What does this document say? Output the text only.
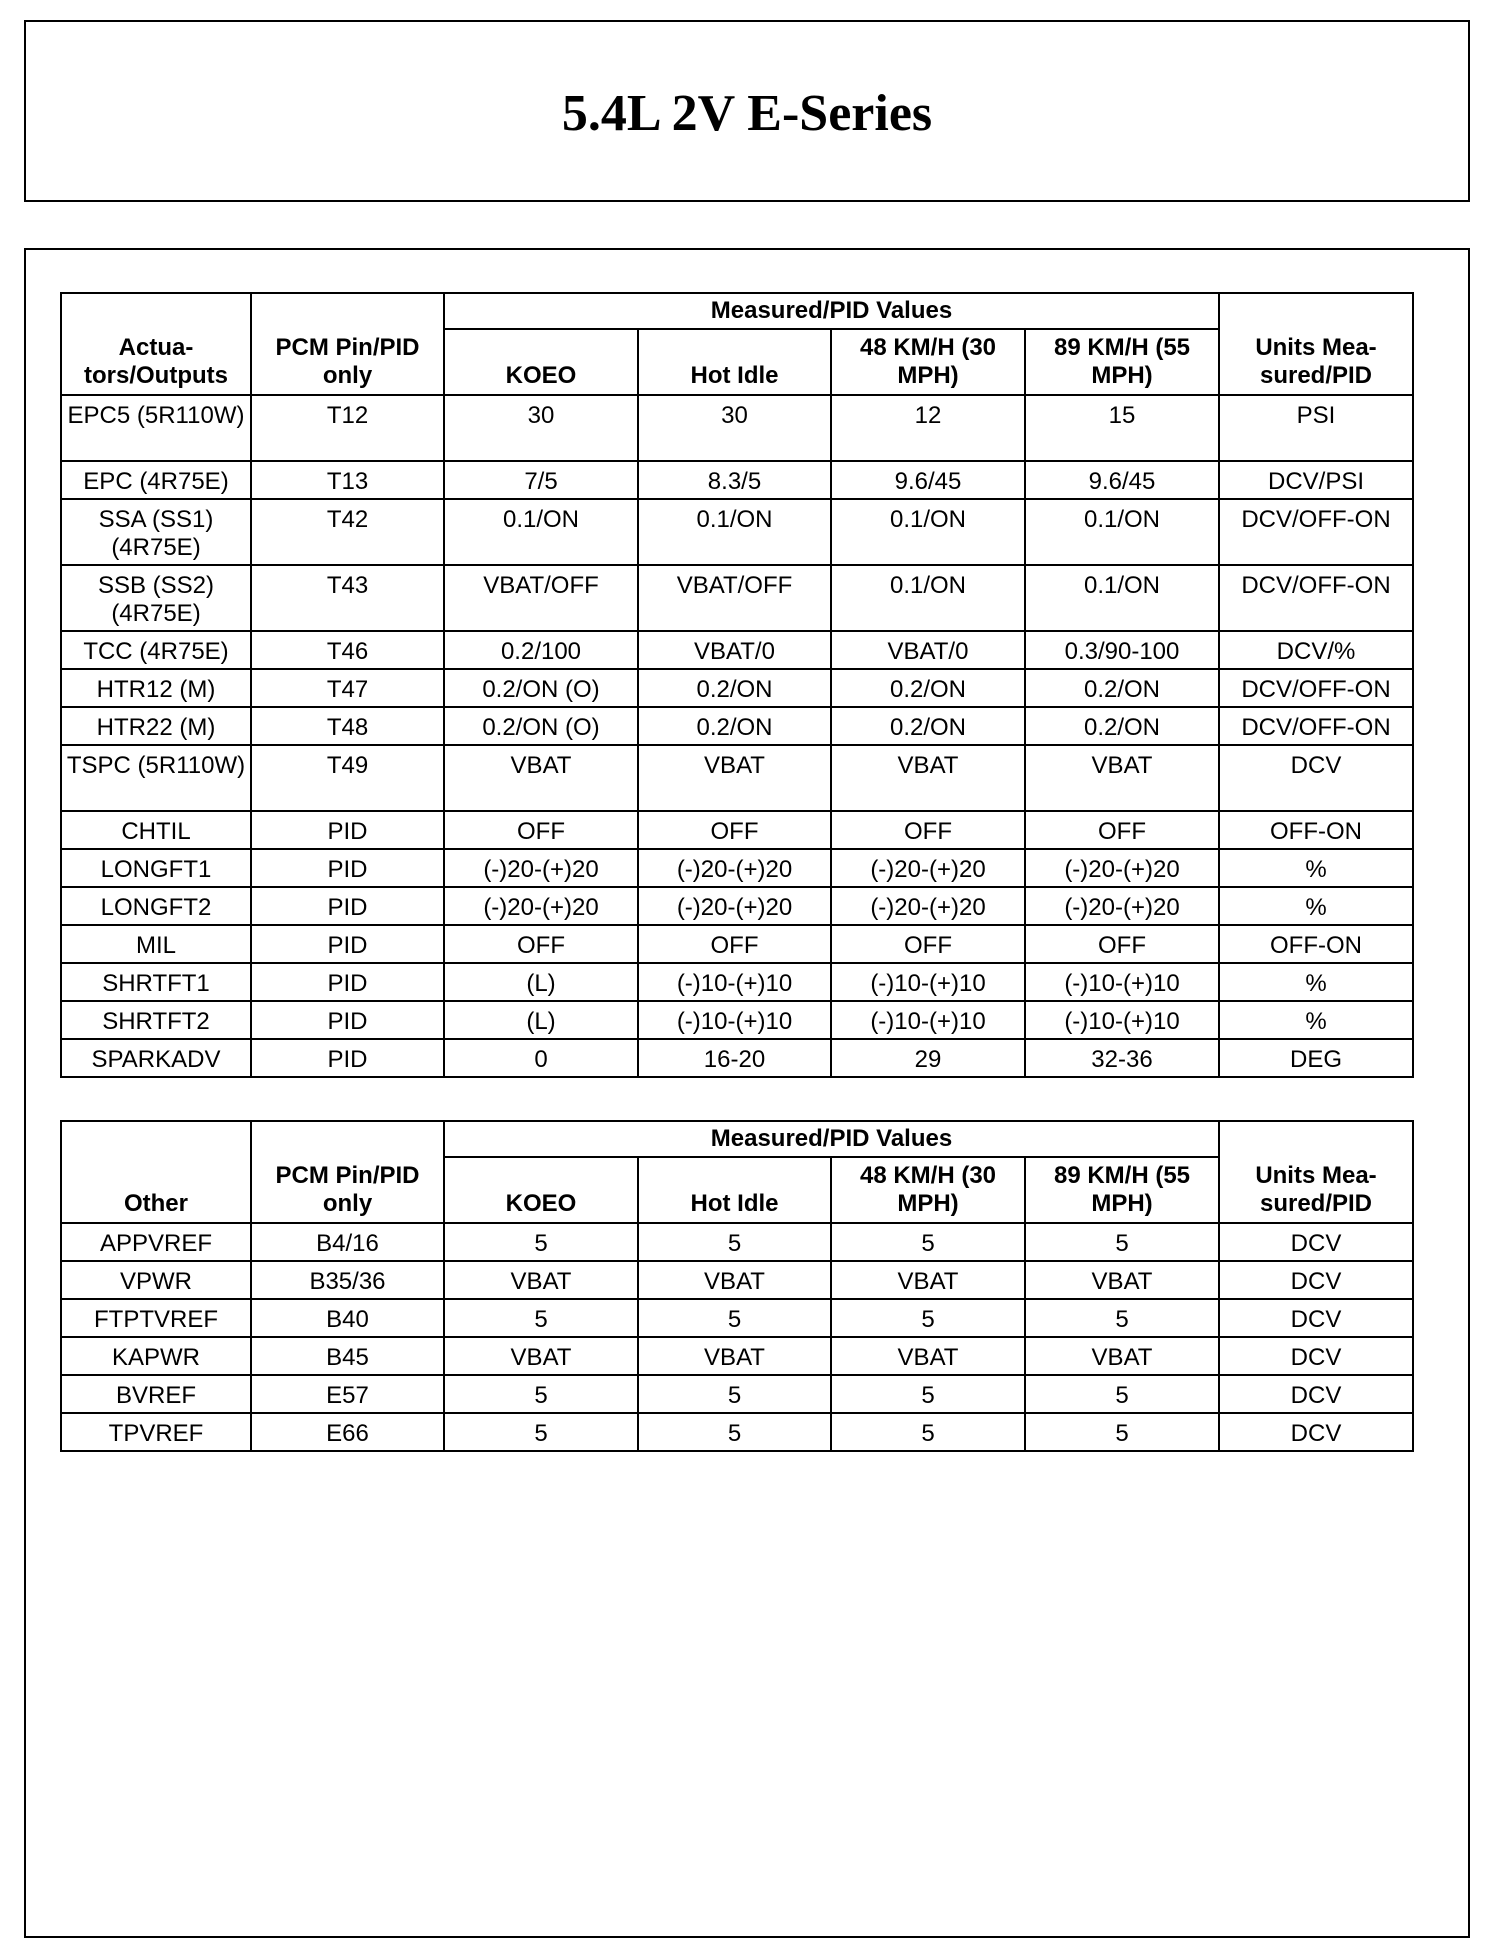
5.4L 2V E-Series
Actua-tors/Outputs	PCM Pin/PID only	Measured/PID Values				Units Mea-sured/PID
		KOEO	Hot Idle	48 KM/H (30 MPH)	89 KM/H (55 MPH)	
EPC5 (5R110W)	T12	30	30	12	15	PSI
EPC (4R75E)	T13	7/5	8.3/5	9.6/45	9.6/45	DCV/PSI
SSA (SS1) (4R75E)	T42	0.1/ON	0.1/ON	0.1/ON	0.1/ON	DCV/OFF-ON
SSB (SS2) (4R75E)	T43	VBAT/OFF	VBAT/OFF	0.1/ON	0.1/ON	DCV/OFF-ON
TCC (4R75E)	T46	0.2/100	VBAT/0	VBAT/0	0.3/90-100	DCV/%
HTR12 (M)	T47	0.2/ON (O)	0.2/ON	0.2/ON	0.2/ON	DCV/OFF-ON
HTR22 (M)	T48	0.2/ON (O)	0.2/ON	0.2/ON	0.2/ON	DCV/OFF-ON
TSPC (5R110W)	T49	VBAT	VBAT	VBAT	VBAT	DCV
CHTIL	PID	OFF	OFF	OFF	OFF	OFF-ON
LONGFT1	PID	(-)20-(+)20	(-)20-(+)20	(-)20-(+)20	(-)20-(+)20	%
LONGFT2	PID	(-)20-(+)20	(-)20-(+)20	(-)20-(+)20	(-)20-(+)20	%
MIL	PID	OFF	OFF	OFF	OFF	OFF-ON
SHRTFT1	PID	(L)	(-)10-(+)10	(-)10-(+)10	(-)10-(+)10	%
SHRTFT2	PID	(L)	(-)10-(+)10	(-)10-(+)10	(-)10-(+)10	%
SPARKADV	PID	0	16-20	29	32-36	DEG
Other	PCM Pin/PID only	Measured/PID Values				Units Mea-sured/PID
		KOEO	Hot Idle	48 KM/H (30 MPH)	89 KM/H (55 MPH)	
APPVREF	B4/16	5	5	5	5	DCV
VPWR	B35/36	VBAT	VBAT	VBAT	VBAT	DCV
FTPTVREF	B40	5	5	5	5	DCV
KAPWR	B45	VBAT	VBAT	VBAT	VBAT	DCV
BVREF	E57	5	5	5	5	DCV
TPVREF	E66	5	5	5	5	DCV
